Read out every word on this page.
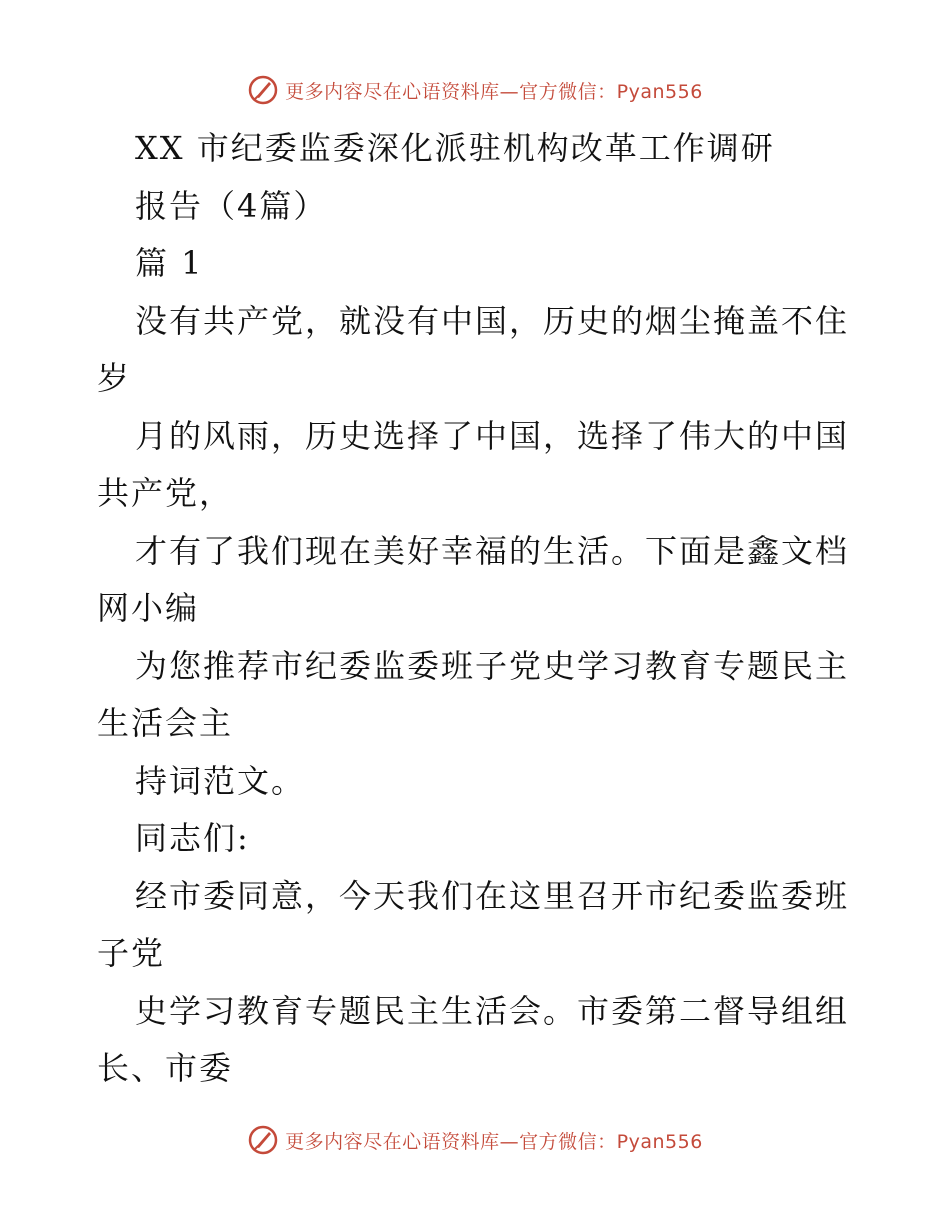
更多内容尽在心语资料库—官方微信：Pyan556
XX 市纪委监委深化派驻机构改革工作调研
报告（4篇）
篇 1
没有共产党，就没有中国，历史的烟尘掩盖不住
岁
月的风雨，历史选择了中国，选择了伟大的中国
共产党，
才有了我们现在美好幸福的生活。下面是鑫文档
网小编
为您推荐市纪委监委班子党史学习教育专题民主
生活会主
持词范文。
同志们:
经市委同意，今天我们在这里召开市纪委监委班
子党
史学习教育专题民主生活会。市委第二督导组组
长、市委
更多内容尽在心语资料库—官方微信：Pyan556
